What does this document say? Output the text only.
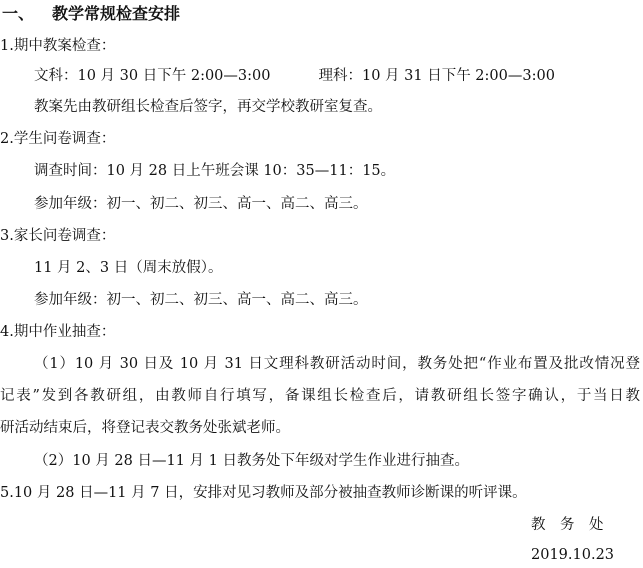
一、 教学常规检查安排
1.期中教案检查：
文科：10 月 30 日下午 2:00—3:00	理科：10 月 31 日下午 2:00—3:00
教案先由教研组长检查后签字，再交学校教研室复查。
2.学生问卷调查：
调查时间：10 月 28 日上午班会课 10：35—11：15。
参加年级：初一、初二、初三、高一、高二、高三。
3.家长问卷调查：
11 月 2、3 日（周末放假）。
参加年级：初一、初二、初三、高一、高二、高三。
4.期中作业抽查：
（1）10 月 30 日及 10 月 31 日文理科教研活动时间，教务处把“作业布置及批改情况登
记表”发到各教研组，由教师自行填写，备课组长检查后，请教研组长签字确认，于当日教
研活动结束后，将登记表交教务处张斌老师。
（2）10 月 28 日—11 月 1 日教务处下年级对学生作业进行抽查。
5.10 月 28 日—11 月 7 日，安排对见习教师及部分被抽查教师诊断课的听评课。
教　务　处
2019.10.23
